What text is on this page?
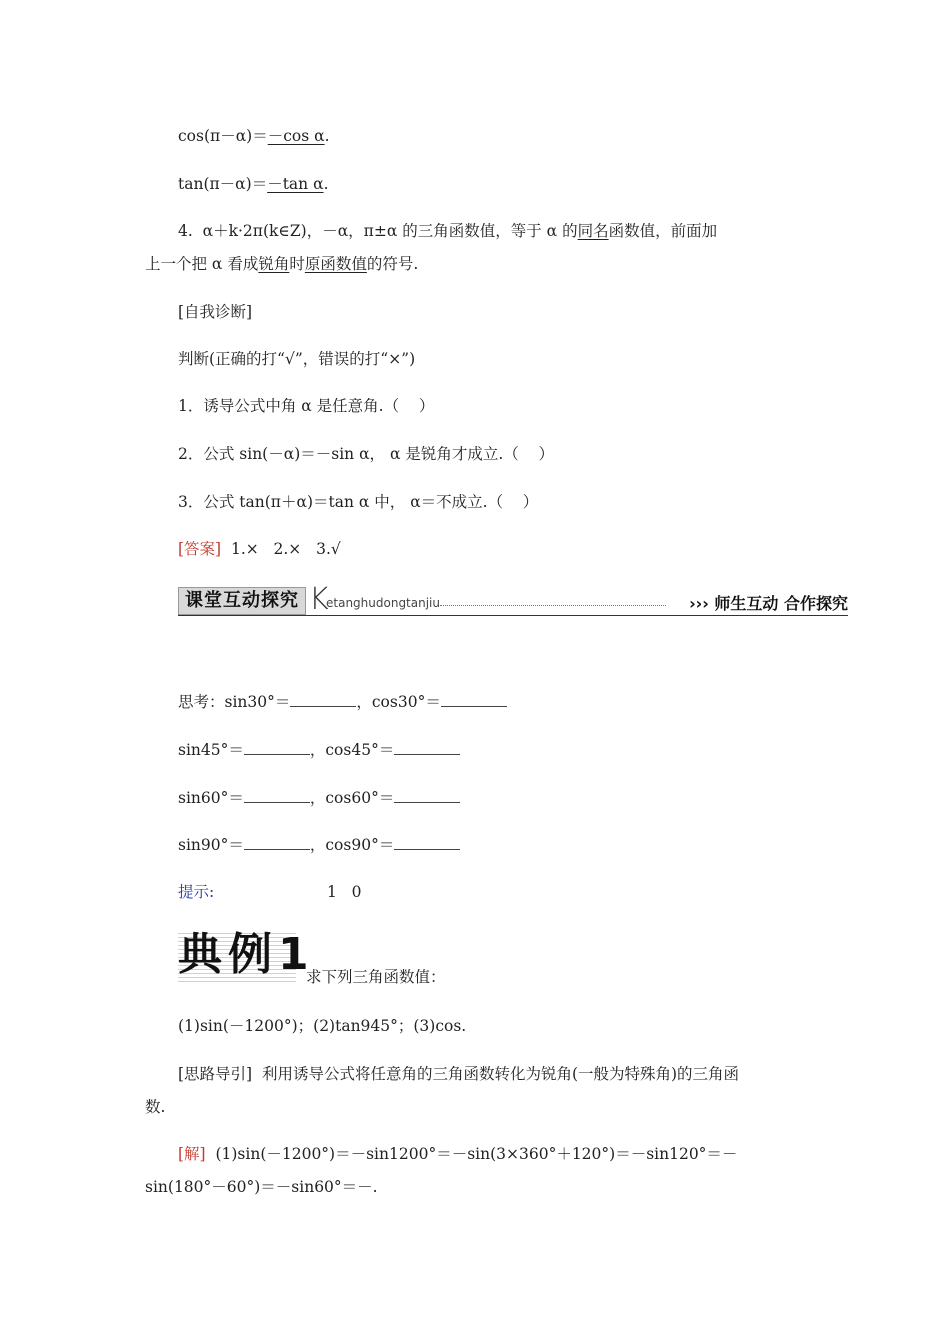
cos(π－α)＝－cos α.
tan(π－α)＝－tan α.
4.  α＋k·2π(k∈Z)，－α，π±α 的三角函数值，等于 α 的同名函数值，前面加
上一个把 α 看成锐角时原函数值的符号.
[自我诊断]
判断(正确的打“√”，错误的打“×”)
1．诱导公式中角 α 是任意角.（    ）
2．公式 sin(－α)＝－sin α， α 是锐角才成立.（    ）
3．公式 tan(π＋α)＝tan α 中， α＝不成立.（    ）
[答案]  1.×   2.×   3.√
课堂互动探究 K
etanghudongtanjiu	››› 师生互动 合作探究
思考：sin30°＝	，cos30°＝
sin45°＝	，cos45°＝
sin60°＝	，cos60°＝
sin90°＝	，cos90°＝
提示:	1   0
典例1
求下列三角函数值：
(1)sin(－1200°)；(2)tan945°；(3)cos.
[思路导引]  利用诱导公式将任意角的三角函数转化为锐角(一般为特殊角)的三角函
数.
[解]  (1)sin(－1200°)＝－sin1200°＝－sin(3×360°＋120°)＝－sin120°＝－
sin(180°－60°)＝－sin60°＝－.
